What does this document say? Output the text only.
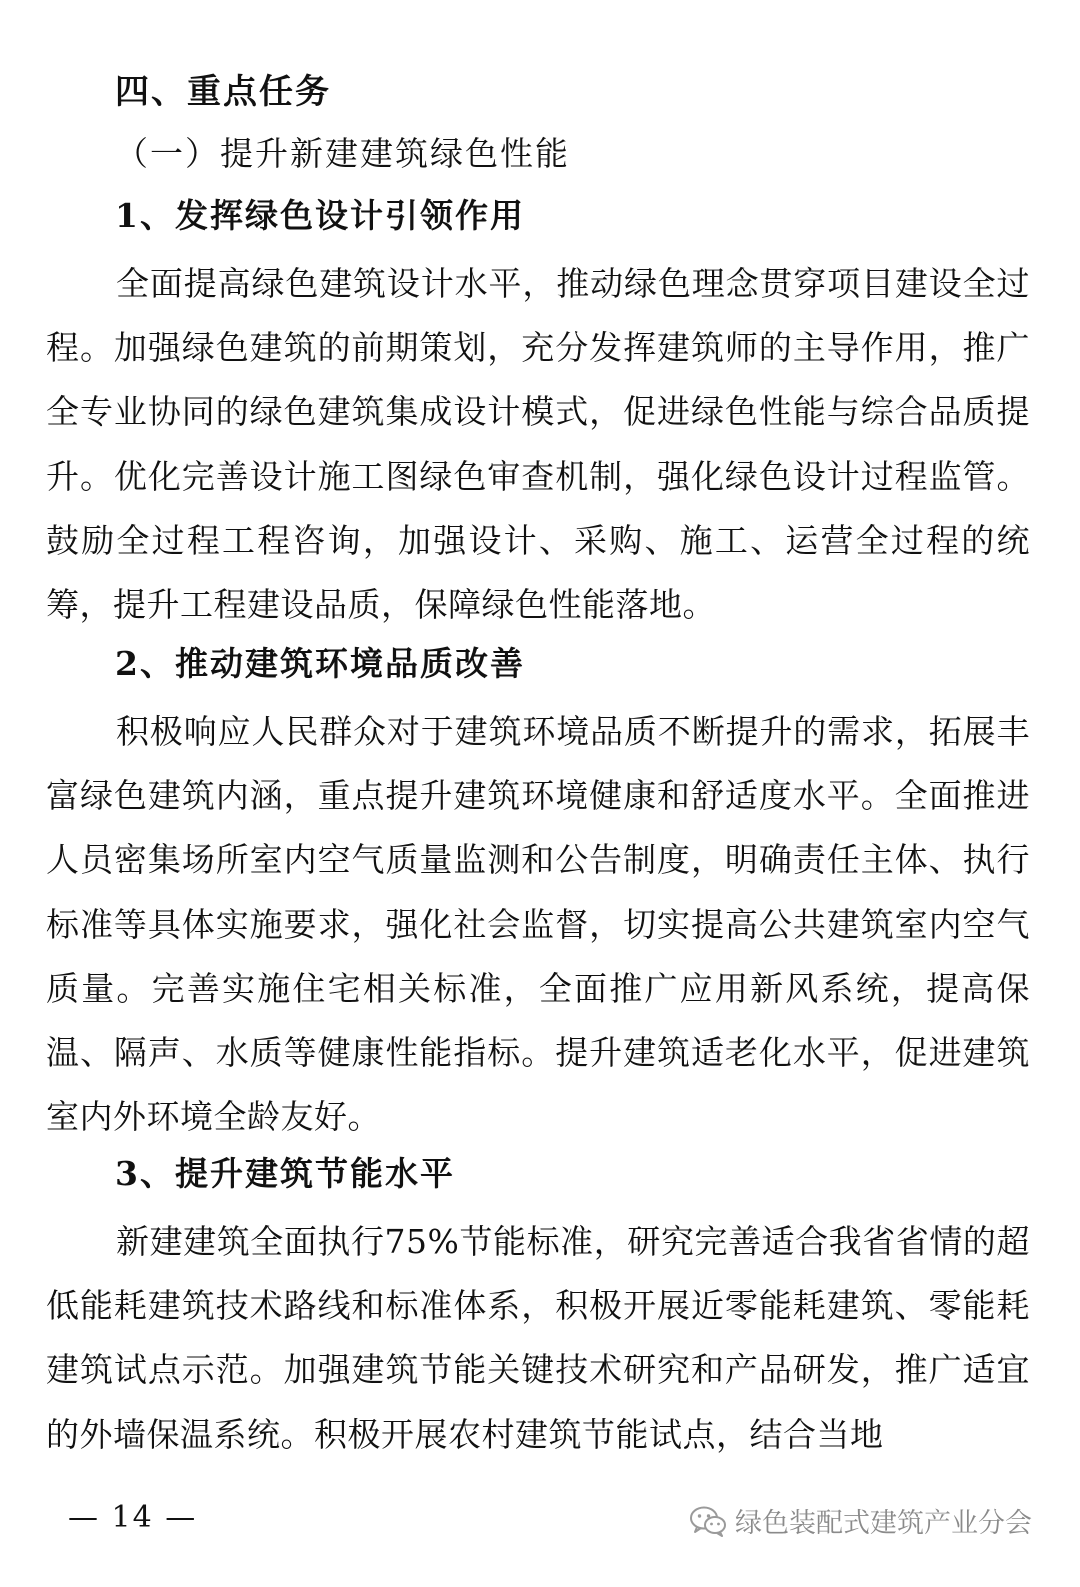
四、重点任务
（一）提升新建建筑绿色性能
1、发挥绿色设计引领作用

全面提高绿色建筑设计水平，推动绿色理念贯穿项目建设全过程。加强绿色建筑的前期策划，充分发挥建筑师的主导作用，推广全专业协同的绿色建筑集成设计模式，促进绿色性能与综合品质提升。优化完善设计施工图绿色审查机制，强化绿色设计过程监管。鼓励全过程工程咨询，加强设计、采购、施工、运营全过程的统筹，提升工程建设品质，保障绿色性能落地。

2、推动建筑环境品质改善

积极响应人民群众对于建筑环境品质不断提升的需求，拓展丰富绿色建筑内涵，重点提升建筑环境健康和舒适度水平。全面推进人员密集场所室内空气质量监测和公告制度，明确责任主体、执行标准等具体实施要求，强化社会监督，切实提高公共建筑室内空气质量。完善实施住宅相关标准，全面推广应用新风系统，提高保温、隔声、水质等健康性能指标。提升建筑适老化水平，促进建筑室内外环境全龄友好。

3、提升建筑节能水平

新建建筑全面执行75%节能标准，研究完善适合我省省情的超低能耗建筑技术路线和标准体系，积极开展近零能耗建筑、零能耗建筑试点示范。加强建筑节能关键技术研究和产品研发，推广适宜的外墙保温系统。积极开展农村建筑节能试点，结合当地

— 14 —	绿色装配式建筑产业分会
